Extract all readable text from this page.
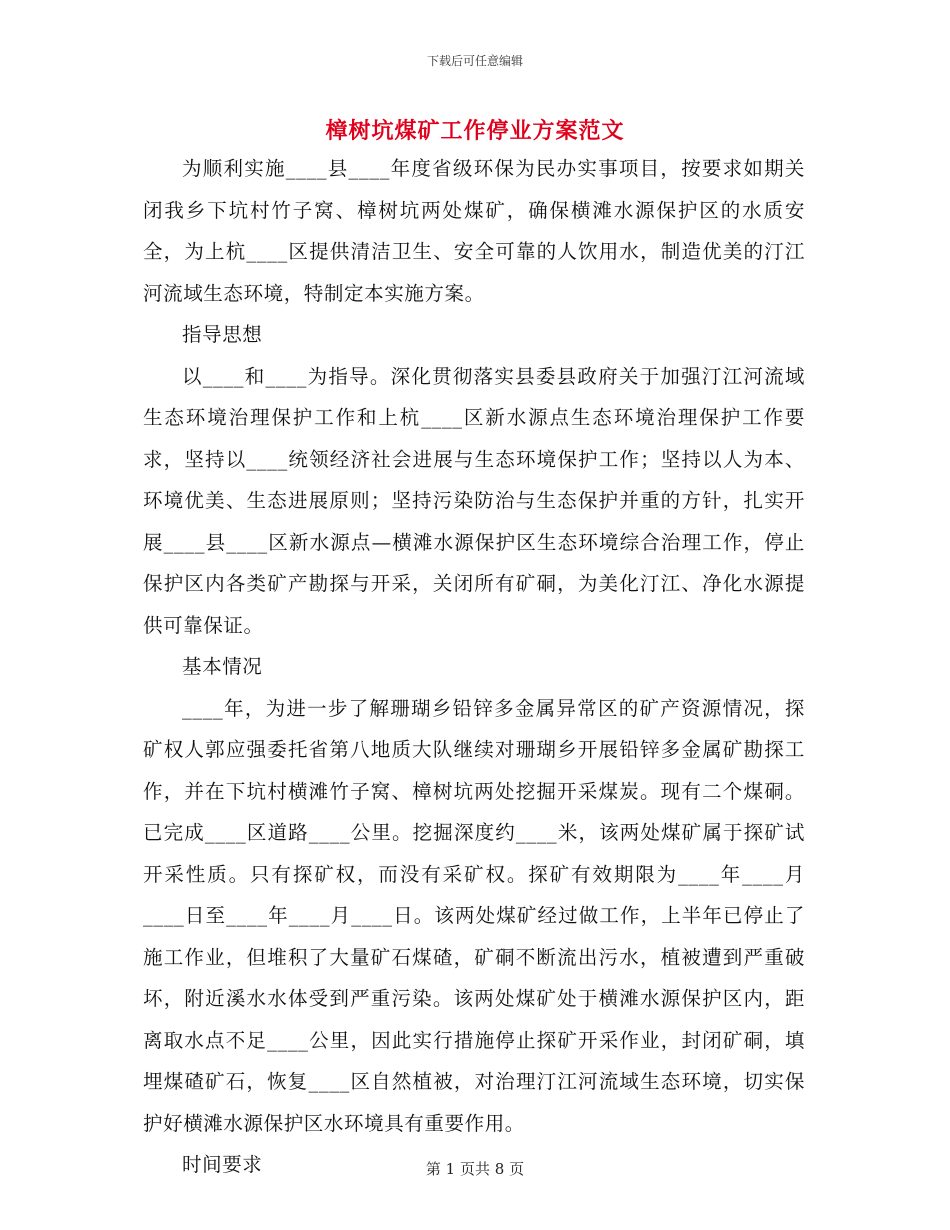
下载后可任意编辑
樟树坑煤矿工作停业方案范文

为顺利实施____县____年度省级环保为民办实事项目，按要求如期关闭我乡下坑村竹子窝、樟树坑两处煤矿，确保横滩水源保护区的水质安全，为上杭____区提供清洁卫生、安全可靠的人饮用水，制造优美的汀江河流域生态环境，特制定本实施方案。

指导思想

以____和____为指导。深化贯彻落实县委县政府关于加强汀江河流域生态环境治理保护工作和上杭____区新水源点生态环境治理保护工作要求，坚持以____统领经济社会进展与生态环境保护工作；坚持以人为本、环境优美、生态进展原则；坚持污染防治与生态保护并重的方针，扎实开展____县____区新水源点—横滩水源保护区生态环境综合治理工作，停止保护区内各类矿产勘探与开采，关闭所有矿硐，为美化汀江、净化水源提供可靠保证。

基本情况

____年，为进一步了解珊瑚乡铅锌多金属异常区的矿产资源情况，探矿权人郭应强委托省第八地质大队继续对珊瑚乡开展铅锌多金属矿勘探工作，并在下坑村横滩竹子窝、樟树坑两处挖掘开采煤炭。现有二个煤硐。已完成____区道路____公里。挖掘深度约____米，该两处煤矿属于探矿试开采性质。只有探矿权，而没有采矿权。探矿有效期限为____年____月____日至____年____月____日。该两处煤矿经过做工作，上半年已停止了施工作业，但堆积了大量矿石煤碴，矿硐不断流出污水，植被遭到严重破坏，附近溪水水体受到严重污染。该两处煤矿处于横滩水源保护区内，距离取水点不足____公里，因此实行措施停止探矿开采作业，封闭矿硐，填埋煤碴矿石，恢复____区自然植被，对治理汀江河流域生态环境，切实保护好横滩水源保护区水环境具有重要作用。

时间要求	第 1 页共 8 页
